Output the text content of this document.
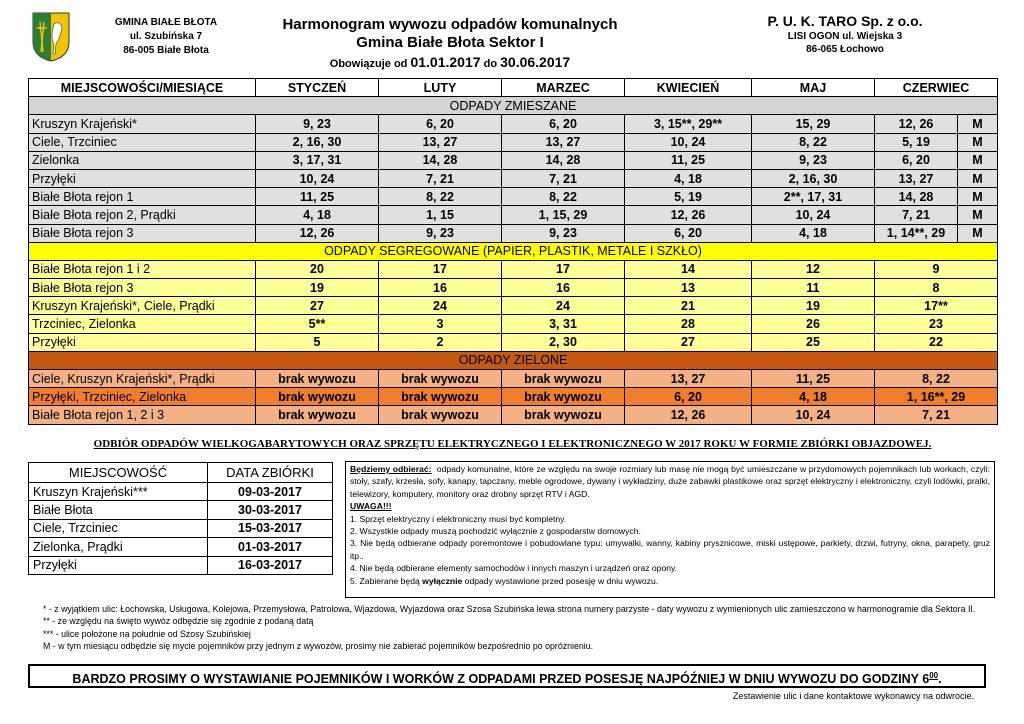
GMINA BIAŁE BŁOTA
ul. Szubińska 7
86-005 Białe Błota
Harmonogram wywozu odpadów komunalnych
Gmina Białe Błota Sektor I
Obowiązuje od 01.01.2017 do 30.06.2017
P. U. K. TARO Sp. z o.o.
LISI OGON ul. Wiejska 3
86-065 Łochowo
MIEJSCOWOŚCI/MIESIĄCE	STYCZEŃ	LUTY	MARZEC	KWIECIEŃ	MAJ	CZERWIEC	
ODPADY ZMIESZANE							
Kruszyn Krajeński*	9, 23	6, 20	6, 20	3, 15**, 29**	15, 29	12, 26	M
Ciele, Trzciniec	2, 16, 30	13, 27	13, 27	10, 24	8, 22	5, 19	M
Zielonka	3, 17, 31	14, 28	14, 28	11, 25	9, 23	6, 20	M
Przyłęki	10, 24	7, 21	7, 21	4, 18	2, 16, 30	13, 27	M
Białe Błota rejon 1	11, 25	8, 22	8, 22	5, 19	2**, 17, 31	14, 28	M
Białe Błota rejon 2, Prądki	4, 18	1, 15	1, 15, 29	12, 26	10, 24	7, 21	M
Białe Błota rejon 3	12, 26	9, 23	9, 23	6, 20	4, 18	1, 14**, 29	M
ODPADY SEGREGOWANE (PAPIER, PLASTIK, METALE I SZKŁO)							
Białe Błota rejon 1 i 2	20	17	17	14	12	9	
Białe Błota rejon 3	19	16	16	13	11	8	
Kruszyn Krajeński*, Ciele, Prądki	27	24	24	21	19	17**	
Trzciniec, Zielonka	5**	3	3, 31	28	26	23	
Przyłęki	5	2	2, 30	27	25	22	
ODPADY ZIELONE							
Ciele, Kruszyn Krajeński*, Prądki	brak wywozu	brak wywozu	brak wywozu	13, 27	11, 25	8, 22	
Przyłęki, Trzciniec, Zielonka	brak wywozu	brak wywozu	brak wywozu	6, 20	4, 18	1, 16**, 29	
Białe Błota rejon 1, 2 i 3	brak wywozu	brak wywozu	brak wywozu	12, 26	10, 24	7, 21	
ODBIÓR ODPADÓW WIELKOGABARYTOWYCH ORAZ SPRZĘTU ELEKTRYCZNEGO I ELEKTRONICZNEGO W 2017 ROKU W FORMIE ZBIÓRKI OBJAZDOWEJ.
MIEJSCOWOŚĆ	DATA ZBIÓRKI
Kruszyn Krajeński***	09-03-2017
Białe Błota	30-03-2017
Ciele, Trzciniec	15-03-2017
Zielonka, Prądki	01-03-2017
Przyłęki	16-03-2017

Będziemy odbierać: odpady komunalne, które ze względu na swoje rozmiary lub masę nie mogą być umieszczane w przydomowych pojemnikach lub workach, czyli: stoły, szafy, krzesła, sofy, kanapy, tapczany, meble ogrodowe, dywany i wykładziny, duże zabawki plastikowe oraz sprzęt elektryczny i elektroniczny, czyli lodówki, pralki, telewizory, komputery, monitory oraz drobny sprzęt RTV i AGD.

UWAGA!!!

1. Sprzęt elektryczny i elektroniczny musi być kompletny.

2. Wszystkie odpady muszą pochodzić wyłącznie z gospodarstw domowych.

3. Nie będą odbierane odpady poremontowe i pobudowlane typu: umywalki, wanny, kabiny prysznicowe, miski ustępowe, parkiety, drzwi, futryny, okna, parapety, gruz itp..

4. Nie będą odbierane elementy samochodów i innych maszyn i urządzeń oraz opony.

5. Zabierane będą wyłącznie odpady wystawione przed posesję w dniu wywozu.

* - z wyjątkiem ulic: Łochowska, Usługowa, Kolejowa, Przemysłowa, Patrolowa, Wjazdowa, Wyjazdowa oraz Szosa Szubińska lewa strona numery parzyste - daty wywozu z wymienionych ulic zamieszczono w harmonogramie dla Sektora II.

** - ze względu na święto wywóz odbędzie się zgodnie z podaną datą

*** - ulice położone na południe od Szosy Szubińskiej

M - w tym miesiącu odbędzie się mycie pojemników przy jednym z wywozów, prosimy nie zabierać pojemników bezpośrednio po opróżnieniu.

BARDZO PROSIMY O WYSTAWIANIE POJEMNIKÓW I WORKÓW Z ODPADAMI PRZED POSESJĘ NAJPÓŹNIEJ W DNIU WYWOZU DO GODZINY $6^{00}$.
Zestawienie ulic i dane kontaktowe wykonawcy na odwrocie.
